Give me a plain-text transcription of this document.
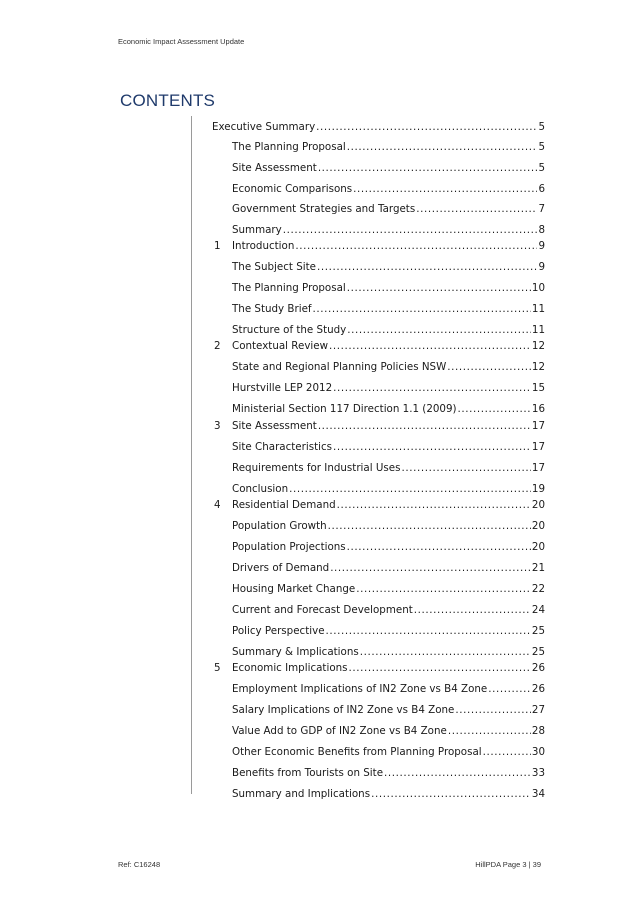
Economic Impact Assessment Update
CONTENTS
Executive Summary .....	5
The Planning Proposal .....	5
Site Assessment .....	5
Economic Comparisons .....	6
Government Strategies and Targets .....	7
Summary .....	8
1 Introduction .....	9
The Subject Site .....	9
The Planning Proposal .....	10
The Study Brief .....	11
Structure of the Study .....	11
2 Contextual Review .....	12
State and Regional Planning Policies NSW .....	12
Hurstville LEP 2012 .....	15
Ministerial Section 117 Direction 1.1 (2009) .....	16
3 Site Assessment .....	17
Site Characteristics .....	17
Requirements for Industrial Uses .....	17
Conclusion .....	19
4 Residential Demand .....	20
Population Growth .....	20
Population Projections .....	20
Drivers of Demand .....	21
Housing Market Change .....	22
Current and Forecast Development .....	24
Policy Perspective .....	25
Summary & Implications .....	25
5 Economic Implications .....	26
Employment Implications of IN2 Zone vs B4 Zone .....	26
Salary Implications of IN2 Zone vs B4 Zone .....	27
Value Add to GDP of IN2 Zone vs B4 Zone .....	28
Other Economic Benefits from Planning Proposal .....	30
Benefits from Tourists on Site .....	33
Summary and Implications .....	34
Ref: C16248	HillPDA Page 3 | 39
